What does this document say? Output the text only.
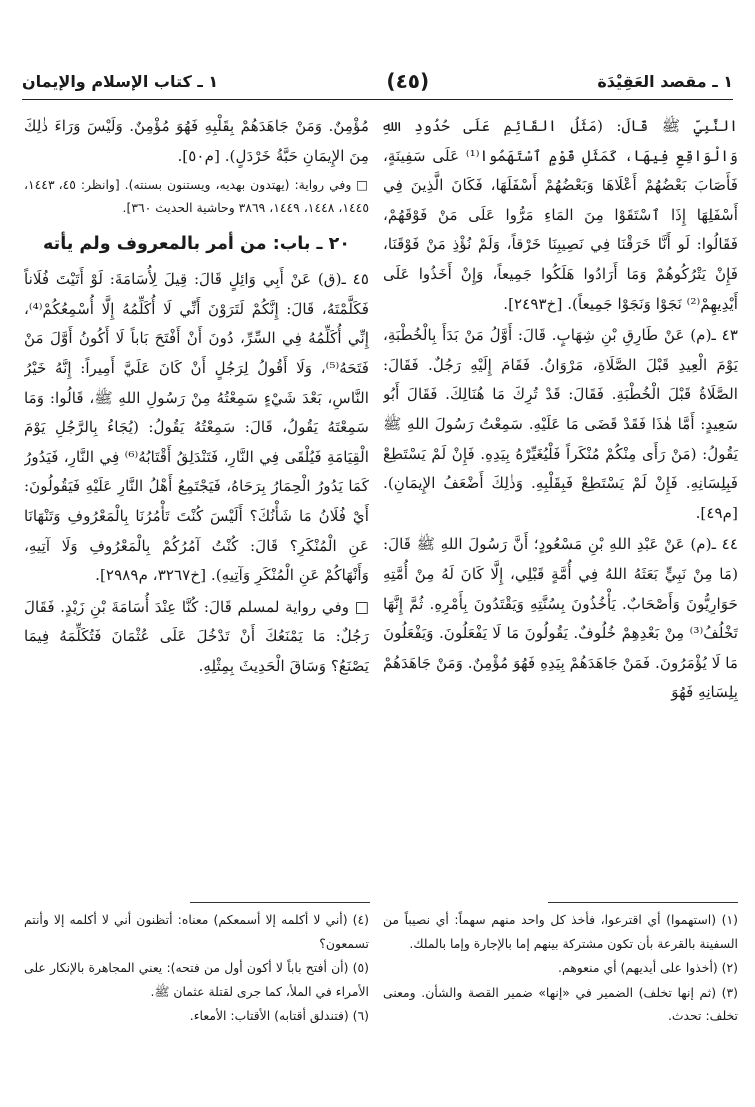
١ ـ كتاب الإسلام والإيمان	(٤٥)	١ ـ مقصد العَقِيْدَة

النَّبِيِّ ﷺ قَالَ: (مَثَلُ القَائِمِ عَلَى حُدُودِ اللهِ وَالْوَاقِعِ فِيهَا، كَمَثَلِ قَوْمٍ ٱسْتَهَمُوا⁽¹⁾ عَلَى سَفِينَةٍ، فَأَصَابَ بَعْضُهُمْ أَعْلَاهَا وَبَعْضُهُمْ أَسْفَلَهَا، فَكَانَ الَّذِينَ فِي أَسْفَلِهَا إِذَا ٱسْتَقَوْا مِنَ المَاءِ مَرُّوا عَلَى مَنْ فَوْقَهُمْ، فَقَالُوا: لَو أَنَّا خَرَقْنَا فِي نَصِيبِنَا خَرْقاً، وَلَمْ نُؤْذِ مَنْ فَوْقَنَا، فَإِنْ يَتْرُكُوهُمْ وَمَا أَرَادُوا هَلَكُوا جَمِيعاً، وَإِنْ أَخَذُوا عَلَى أَيْدِيهِمْ⁽²⁾ نَجَوْا وَنَجَوْا جَمِيعاً). [خ٢٤٩٣].

٤٣ ـ(م) عَنْ طَارِقِ بْنِ شِهَابٍ. قَالَ: أَوَّلُ مَنْ بَدَأَ بِالْخُطْبَةِ، يَوْمَ الْعِيدِ قَبْلَ الصَّلَاةِ، مَرْوَانُ. فَقَامَ إِلَيْهِ رَجُلٌ. فَقَالَ: الصَّلَاةُ قَبْلَ الْخُطْبَةِ. فَقَالَ: قَدْ تُرِكَ مَا هُنَالِكَ. فَقَالَ أَبُو سَعِيدٍ: أَمَّا هٰذَا فَقَدْ قَضَى مَا عَلَيْهِ. سَمِعْتُ رَسُولَ اللهِ ﷺ يَقُولُ: (مَنْ رَأَى مِنْكُمْ مُنْكَراً فَلْيُغَيِّرْهُ بِيَدِهِ. فَإِنْ لَمْ يَسْتَطِعْ فَبِلِسَانِهِ. فَإِنْ لَمْ يَسْتَطِعْ فَبِقَلْبِهِ. وَذٰلِكَ أَضْعَفُ الإِيمَانِ). [م٤٩].

٤٤ ـ(م) عَنْ عَبْدِ اللهِ بْنِ مَسْعُودٍ؛ أَنَّ رَسُولَ اللهِ ﷺ قَالَ: (مَا مِنْ نَبِيٍّ بَعَثَهُ اللهُ فِي أُمَّةٍ قَبْلِي، إِلَّا كَانَ لَهُ مِنْ أُمَّتِهِ حَوَارِيُّونَ وَأَصْحَابٌ. يَأْخُذُونَ بِسُنَّتِهِ وَيَقْتَدُونَ بِأَمْرِهِ. ثُمَّ إِنَّهَا تَخْلُفُ⁽³⁾ مِنْ بَعْدِهِمْ خُلُوفٌ. يَقُولُونَ مَا لَا يَفْعَلُونَ. وَيَفْعَلُونَ مَا لَا يُؤْمَرُونَ. فَمَنْ جَاهَدَهُمْ بِيَدِهِ فَهُوَ مُؤْمِنٌ. وَمَنْ جَاهَدَهُمْ بِلِسَانِهِ فَهُوَ

مُؤْمِنٌ. وَمَنْ جَاهَدَهُمْ بِقَلْبِهِ فَهُوَ مُؤْمِنٌ. وَلَيْسَ وَرَاءَ ذٰلِكَ مِنَ الإِيمَانِ حَبَّةُ خَرْدَلٍ). [م٥٠].

□ وفي رواية: (يهتدون بهديه، ويستنون بسنته). [وانظر: ٤٥، ١٤٤٣، ١٤٤٥، ١٤٤٨، ١٤٤٩، ٣٨٦٩ وحاشية الحديث ٣٦٠].

٢٠ ـ باب: من أمر بالمعروف ولم يأته

٤٥ ـ(ق) عَنْ أَبِي وَائِلٍ قَالَ: قِيلَ لِأُسَامَةَ: لَوْ أَتَيْتَ فُلَاناً فَكَلَّمْتَهُ، قَالَ: إِنَّكُمْ لَتَرَوْنَ أَنِّي لَا أُكَلِّمُهُ إِلَّا أُسْمِعُكُمْ⁽⁴⁾، إِنِّي أُكَلِّمُهُ فِي السِّرِّ، دُونَ أَنْ أَفْتَحَ بَاباً لَا أَكُونُ أَوَّلَ مَنْ فَتَحَهُ⁽⁵⁾، وَلَا أَقُولُ لِرَجُلٍ أَنْ كَانَ عَلَيَّ أَمِيراً: إِنَّهُ خَيْرُ النَّاسِ، بَعْدَ شَيْءٍ سَمِعْتُهُ مِنْ رَسُولِ اللهِ ﷺ، قَالُوا: وَمَا سَمِعْتَهُ يَقُولُ، قَالَ: سَمِعْتُهُ يَقُولُ: (يُجَاءُ بِالرَّجُلِ يَوْمَ الْقِيَامَةِ فَيُلْقَى فِي النَّارِ، فَتَنْدَلِقُ أَقْتَابُهُ⁽⁶⁾ فِي النَّارِ، فَيَدُورُ كَمَا يَدُورُ الْحِمَارُ بِرَحَاهُ، فَيَجْتَمِعُ أَهْلُ النَّارِ عَلَيْهِ فَيَقُولُونَ: أَيْ فُلَانُ مَا شَأْنُكَ؟ أَلَيْسَ كُنْتَ تَأْمُرُنَا بِالْمَعْرُوفِ وَتَنْهَانَا عَنِ الْمُنْكَرِ؟ قَالَ: كُنْتُ آمُرُكُمْ بِالْمَعْرُوفِ وَلَا آتِيهِ، وَأَنْهَاكُمْ عَنِ الْمُنْكَرِ وَآتِيهِ). [خ٣٢٦٧، م٢٩٨٩].

□ وفي رواية لمسلم قَالَ: كُنَّا عِنْدَ أُسَامَةَ بْنِ زَيْدٍ. فَقَالَ رَجُلٌ: مَا يَمْنَعُكَ أَنْ تَدْخُلَ عَلَى عُثْمَانَ فَتُكَلِّمَهُ فِيمَا يَصْنَعُ؟ وَسَاقَ الْحَدِيثَ بِمِثْلِهِ.

(١) (استهموا) أي اقترعوا، فأخذ كل واحد منهم سهماً: أي نصيباً من السفينة بالقرعة بأن تكون مشتركة بينهم إما بالإجارة وإما بالملك.
(٢) (أخذوا على أيديهم) أي منعوهم.
(٣) (ثم إنها تخلف) الضمير في «إنها» ضمير القصة والشأن. ومعنى تخلف: تحدث.
(٤) (أني لا أكلمه إلا أسمعكم) معناه: أتظنون أني لا أكلمه إلا وأنتم تسمعون؟
(٥) (أن أفتح باباً لا أكون أول من فتحه): يعني المجاهرة بالإنكار على الأمراء في الملأ، كما جرى لقتلة عثمان ﷺ.
(٦) (فتندلق أقتابه) الأقتاب: الأمعاء.
